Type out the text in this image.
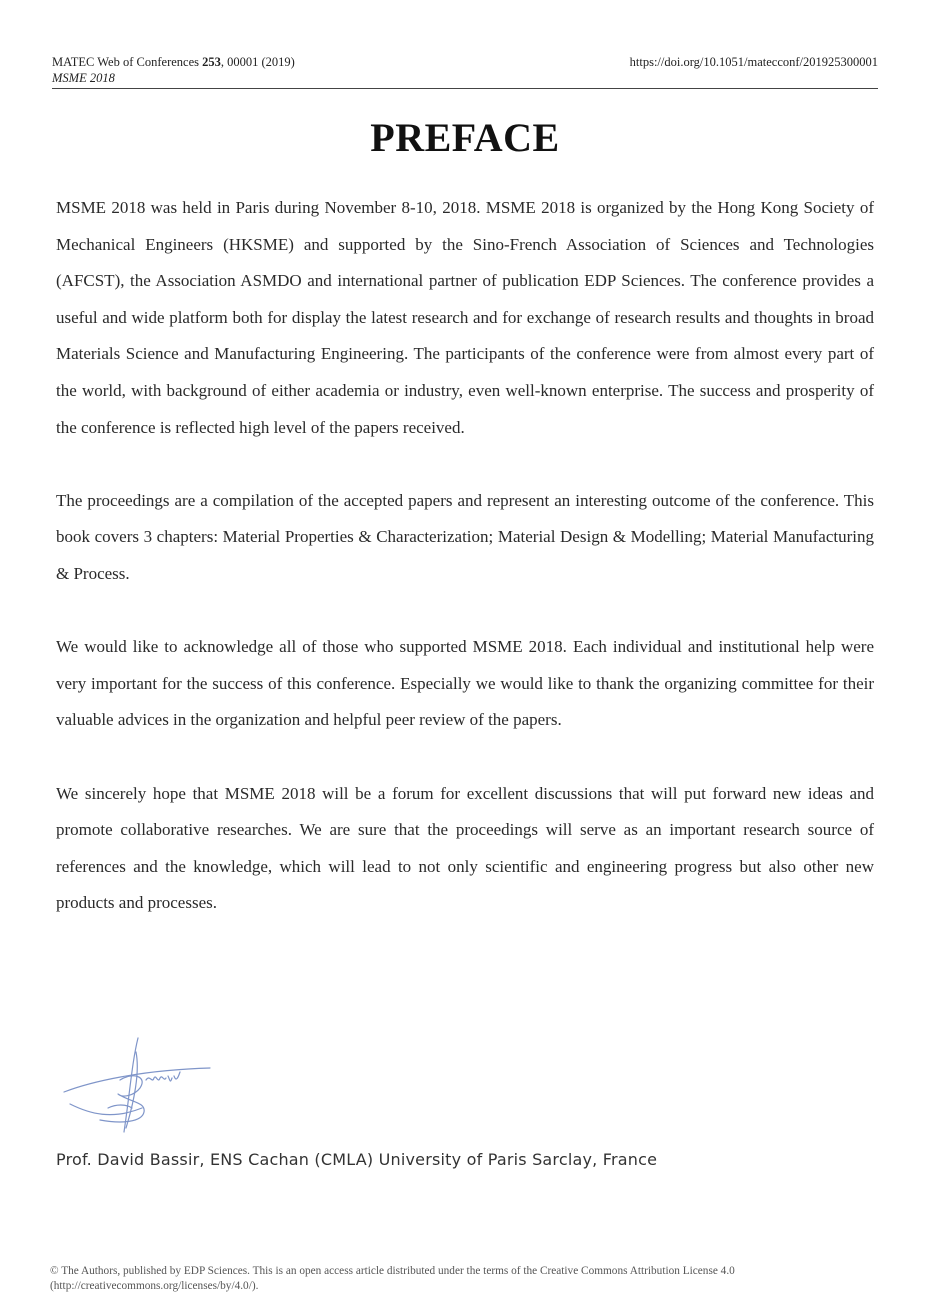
MATEC Web of Conferences 253, 00001 (2019)
MSME 2018
https://doi.org/10.1051/matecconf/201925300001
PREFACE

MSME 2018 was held in Paris during November 8-10, 2018. MSME 2018 is organized by the Hong Kong Society of Mechanical Engineers (HKSME) and supported by the Sino-French Association of Sciences and Technologies (AFCST), the Association ASMDO and international partner of publication EDP Sciences. The conference provides a useful and wide platform both for display the latest research and for exchange of research results and thoughts in broad Materials Science and Manufacturing Engineering. The participants of the conference were from almost every part of the world, with background of either academia or industry, even well-known enterprise. The success and prosperity of the conference is reflected high level of the papers received.

The proceedings are a compilation of the accepted papers and represent an interesting outcome of the conference. This book covers 3 chapters: Material Properties & Characterization; Material Design & Modelling; Material Manufacturing & Process.

We would like to acknowledge all of those who supported MSME 2018. Each individual and institutional help were very important for the success of this conference. Especially we would like to thank the organizing committee for their valuable advices in the organization and helpful peer review of the papers.

We sincerely hope that MSME 2018 will be a forum for excellent discussions that will put forward new ideas and promote collaborative researches. We are sure that the proceedings will serve as an important research source of references and the knowledge, which will lead to not only scientific and engineering progress but also other new products and processes.

Prof. David Bassir, ENS Cachan (CMLA) University of Paris Sarclay, France
© The Authors, published by EDP Sciences. This is an open access article distributed under the terms of the Creative Commons Attribution License 4.0
(http://creativecommons.org/licenses/by/4.0/).
